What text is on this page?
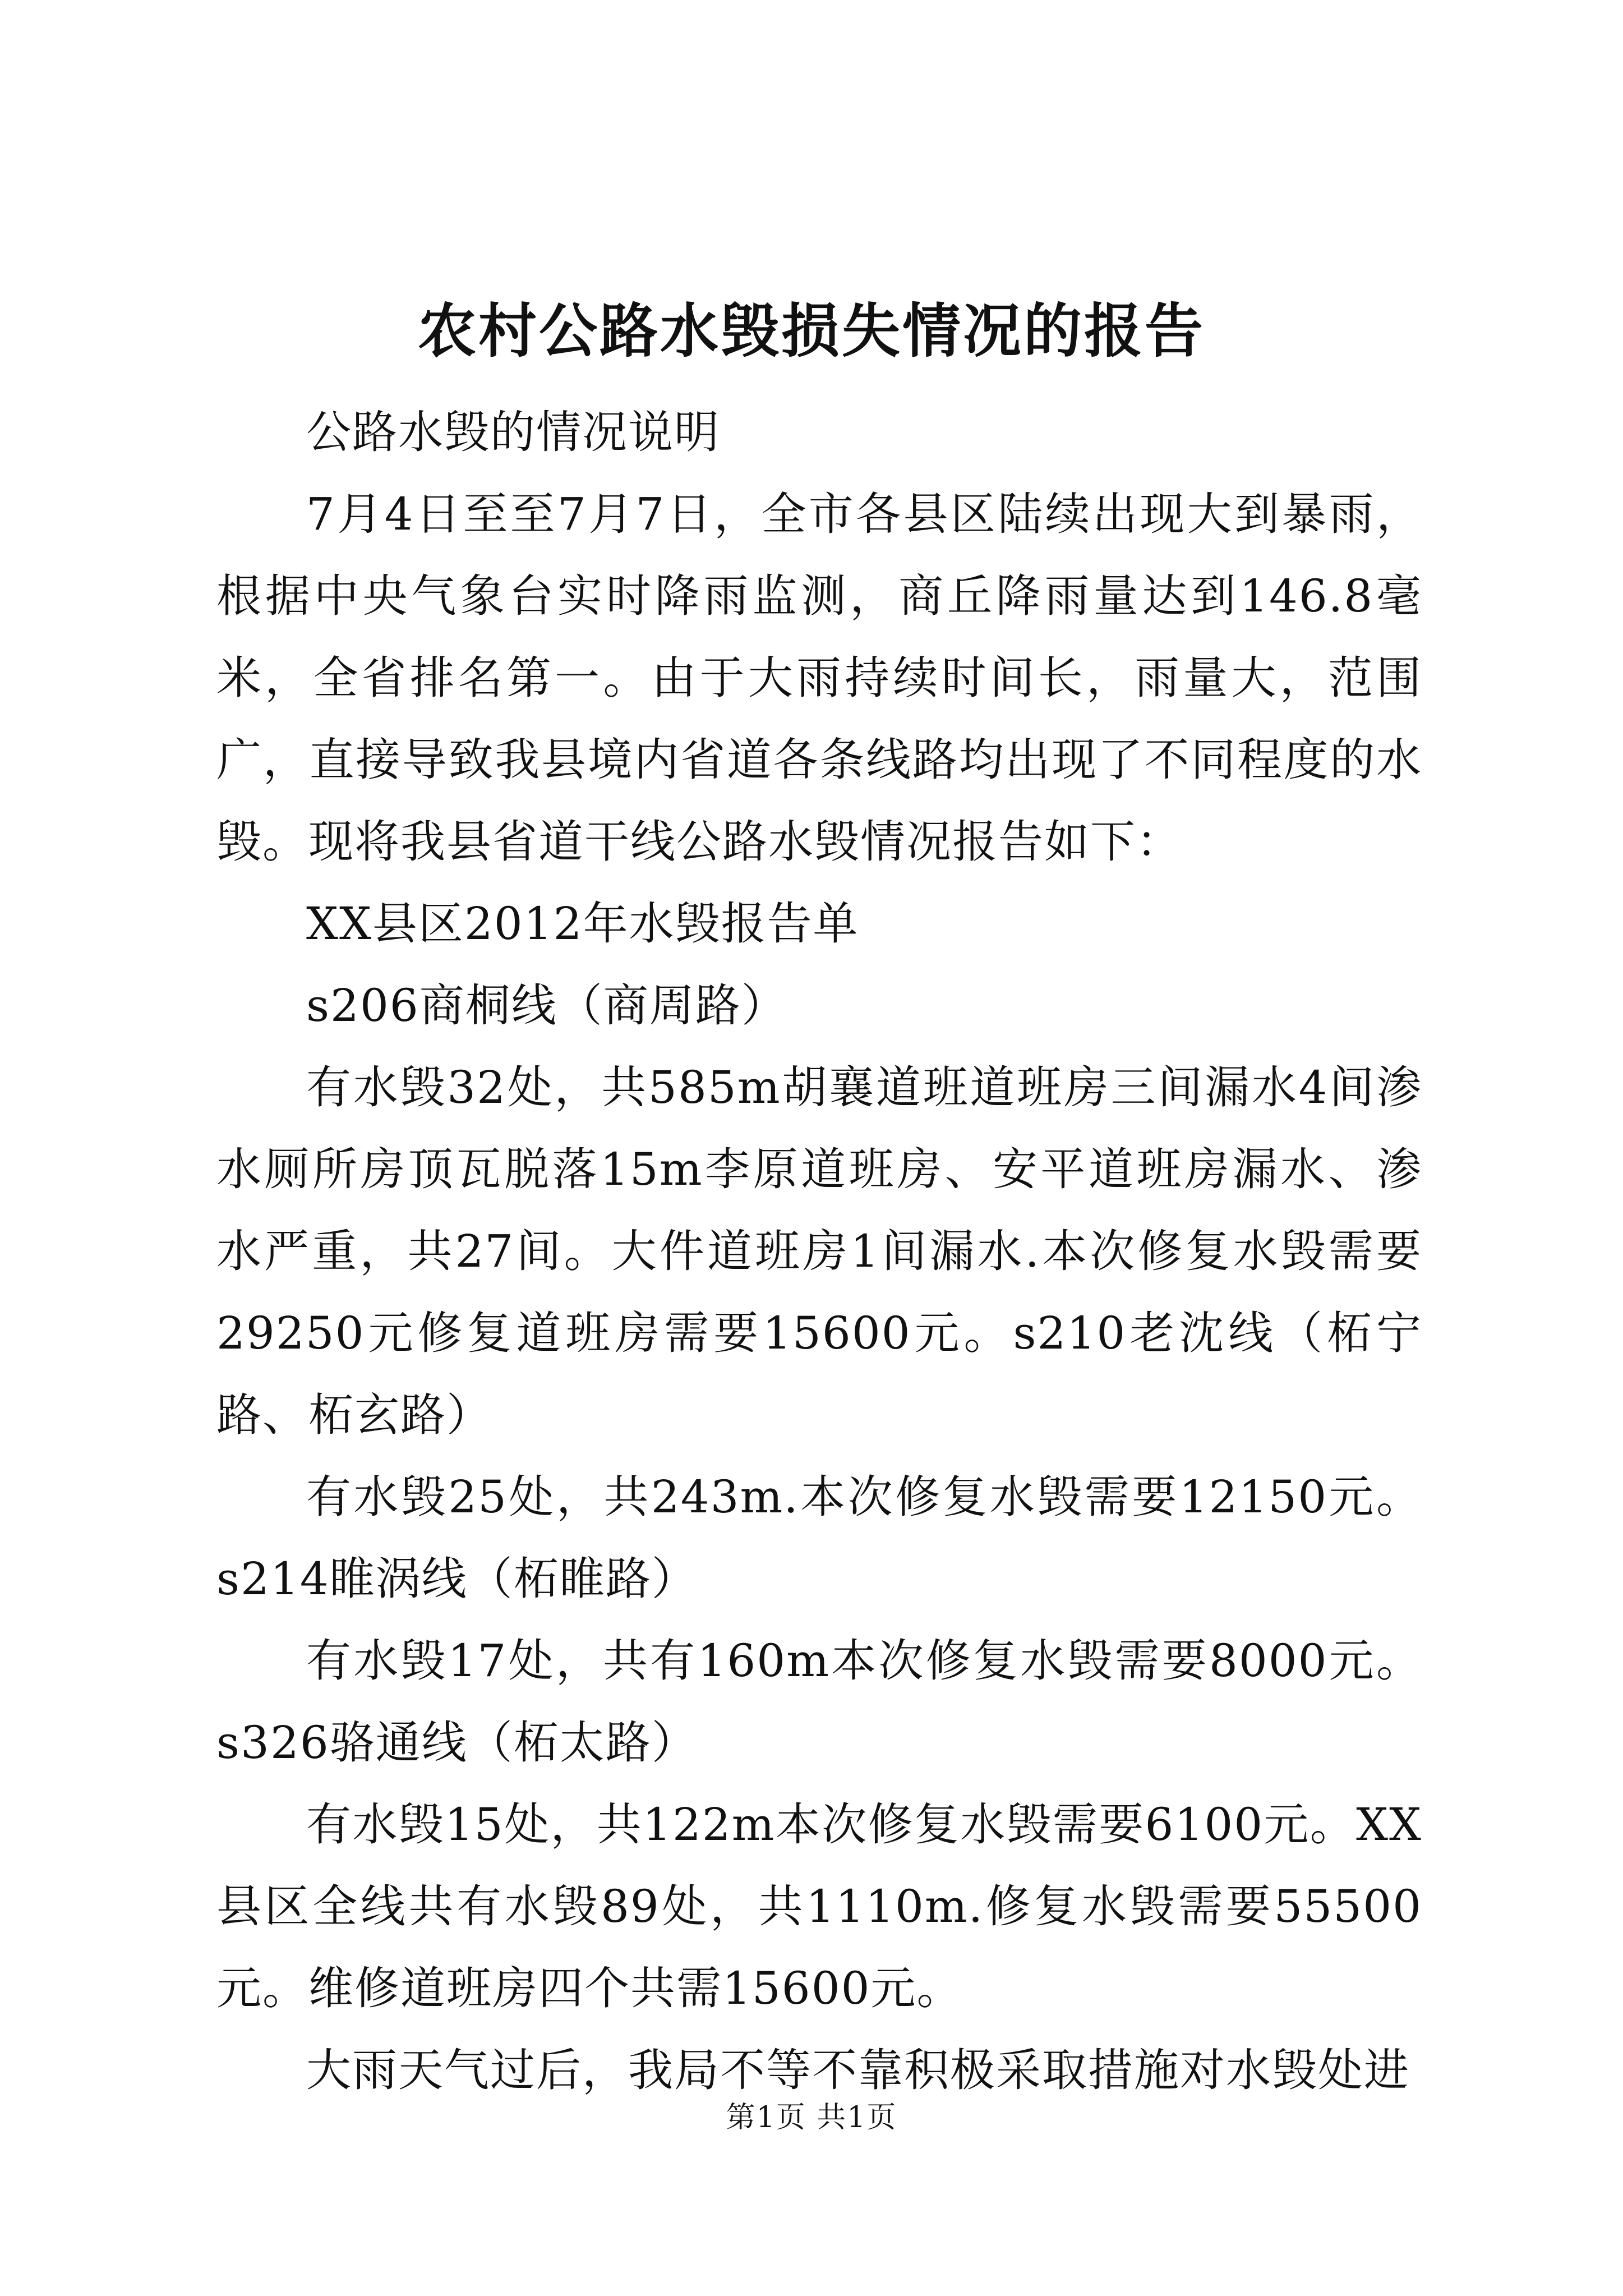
农村公路水毁损失情况的报告

公路水毁的情况说明

7月4日至至7月7日，全市各县区陆续出现大到暴雨，根据中央气象台实时降雨监测，商丘降雨量达到146.8毫米，全省排名第一。由于大雨持续时间长，雨量大，范围广，直接导致我县境内省道各条线路均出现了不同程度的水毁。现将我县省道干线公路水毁情况报告如下：

XX县区2012年水毁报告单

s206商桐线（商周路）

有水毁32处，共585m胡襄道班道班房三间漏水4间渗水厕所房顶瓦脱落15m李原道班房、安平道班房漏水、渗水严重，共27间。大件道班房1间漏水.本次修复水毁需要29250元修复道班房需要15600元。s210老沈线（柘宁路、柘玄路）

有水毁25处，共243m.本次修复水毁需要12150元。s214睢涡线（柘睢路）

有水毁17处，共有160m本次修复水毁需要8000元。s326骆通线（柘太路）

有水毁15处，共122m本次修复水毁需要6100元。XX县区全线共有水毁89处，共1110m.修复水毁需要55500元。维修道班房四个共需15600元。

大雨天气过后，我局不等不靠积极采取措施对水毁处进

第1页 共1页
